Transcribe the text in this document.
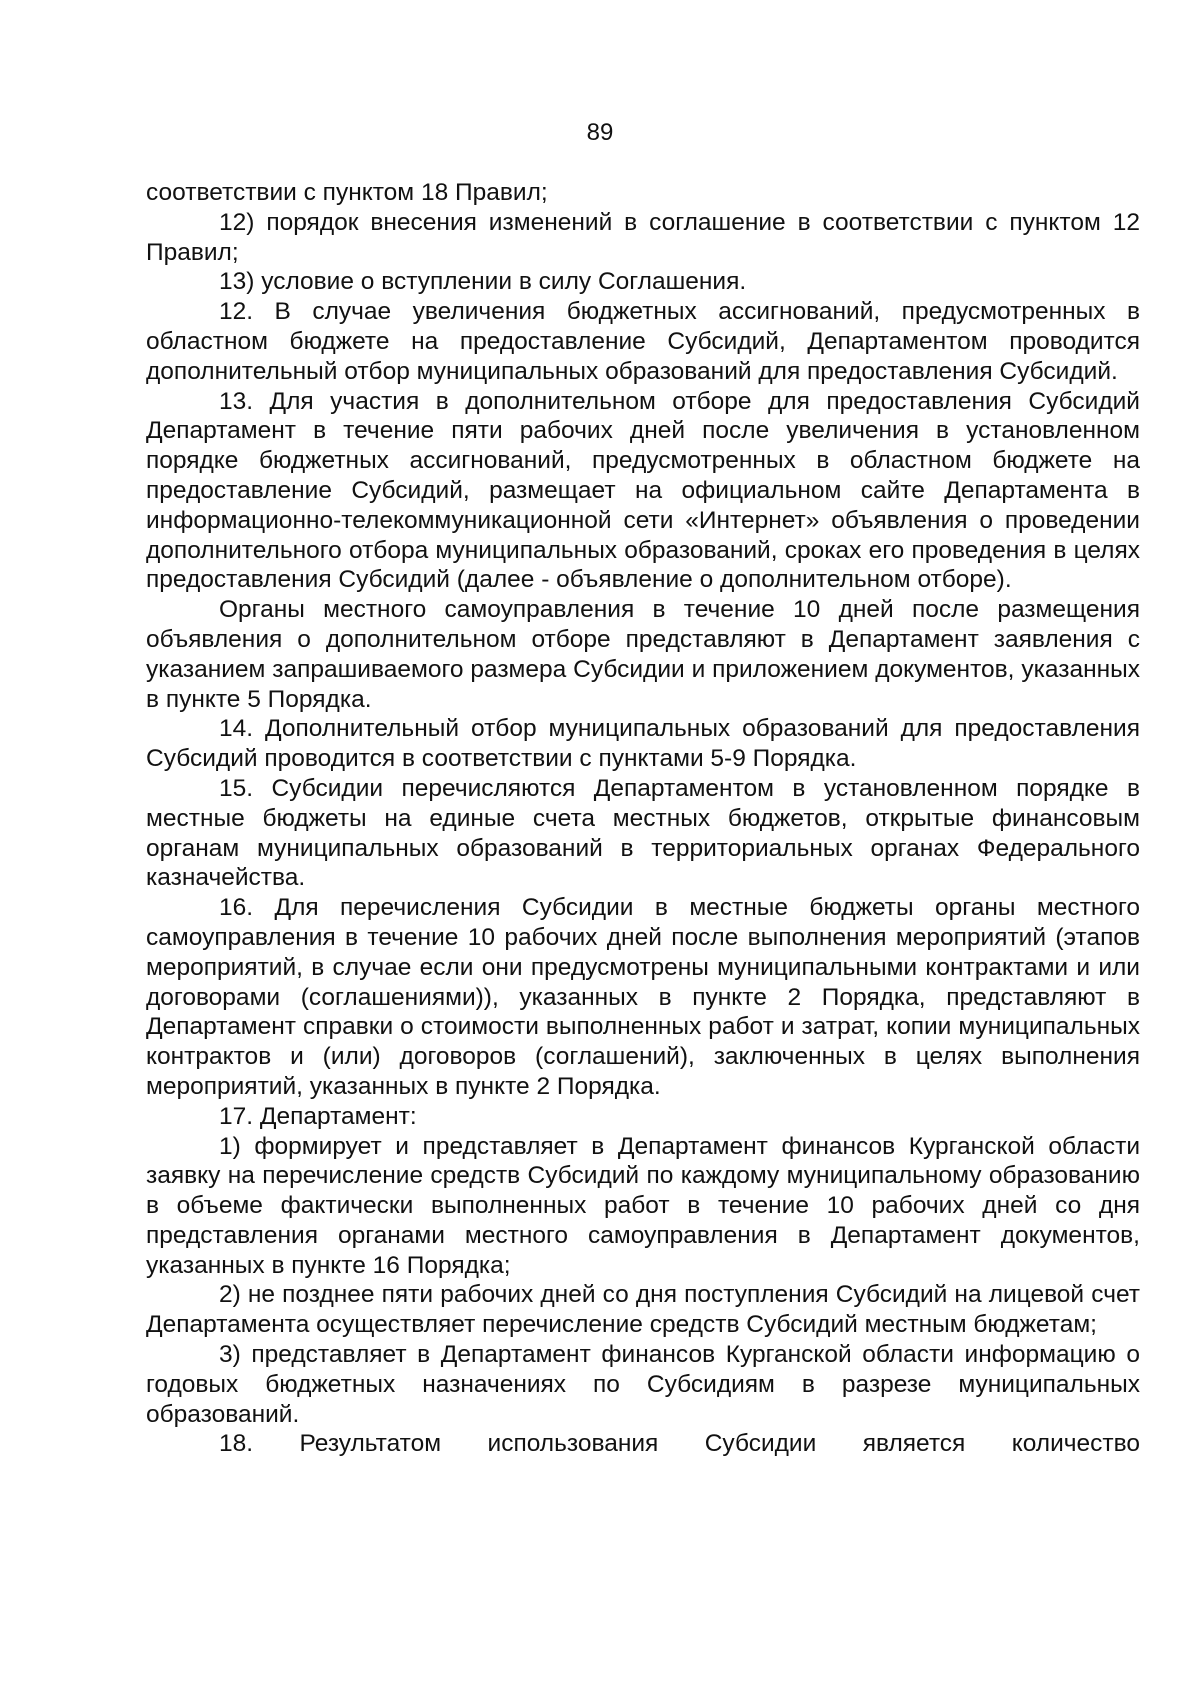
89

соответствии с пунктом 18 Правил;

12) порядок внесения изменений в соглашение в соответствии с пунктом 12 Правил;

13) условие о вступлении в силу Соглашения.

12. В случае увеличения бюджетных ассигнований, предусмотренных в областном бюджете на предоставление Субсидий, Департаментом проводится дополнительный отбор муниципальных образований для предоставления Субсидий.

13. Для участия в дополнительном отборе для предоставления Субсидий Департамент в течение пяти рабочих дней после увеличения в установленном порядке бюджетных ассигнований, предусмотренных в областном бюджете на предоставление Субсидий, размещает на официальном сайте Департамента в информационно-телекоммуникационной сети «Интернет» объявления о проведении дополнительного отбора муниципальных образований, сроках его проведения в целях предоставления Субсидий (далее - объявление о дополнительном отборе).

Органы местного самоуправления в течение 10 дней после размещения объявления о дополнительном отборе представляют в Департамент заявления с указанием запрашиваемого размера Субсидии и приложением документов, указанных в пункте 5 Порядка.

14. Дополнительный отбор муниципальных образований для предоставления Субсидий проводится в соответствии с пунктами 5-9 Порядка.

15. Субсидии перечисляются Департаментом в установленном порядке в местные бюджеты на единые счета местных бюджетов, открытые финансовым органам муниципальных образований в территориальных органах Федерального казначейства.

16. Для перечисления Субсидии в местные бюджеты органы местного самоуправления в течение 10 рабочих дней после выполнения мероприятий (этапов мероприятий, в случае если они предусмотрены муниципальными контрактами и или договорами (соглашениями)), указанных в пункте 2 Порядка, представляют в Департамент справки о стоимости выполненных работ и затрат, копии муниципальных контрактов и (или) договоров (соглашений), заключенных в целях выполнения мероприятий, указанных в пункте 2 Порядка.

17. Департамент:

1) формирует и представляет в Департамент финансов Курганской области заявку на перечисление средств Субсидий по каждому муниципальному образованию в объеме фактически выполненных работ в течение 10 рабочих дней со дня представления органами местного самоуправления в Департамент документов, указанных в пункте 16 Порядка;

2) не позднее пяти рабочих дней со дня поступления Субсидий на лицевой счет Департамента осуществляет перечисление средств Субсидий местным бюджетам;

3) представляет в Департамент финансов Курганской области информацию о годовых бюджетных назначениях по Субсидиям в разрезе муниципальных образований.

18. Результатом использования Субсидии является количество
